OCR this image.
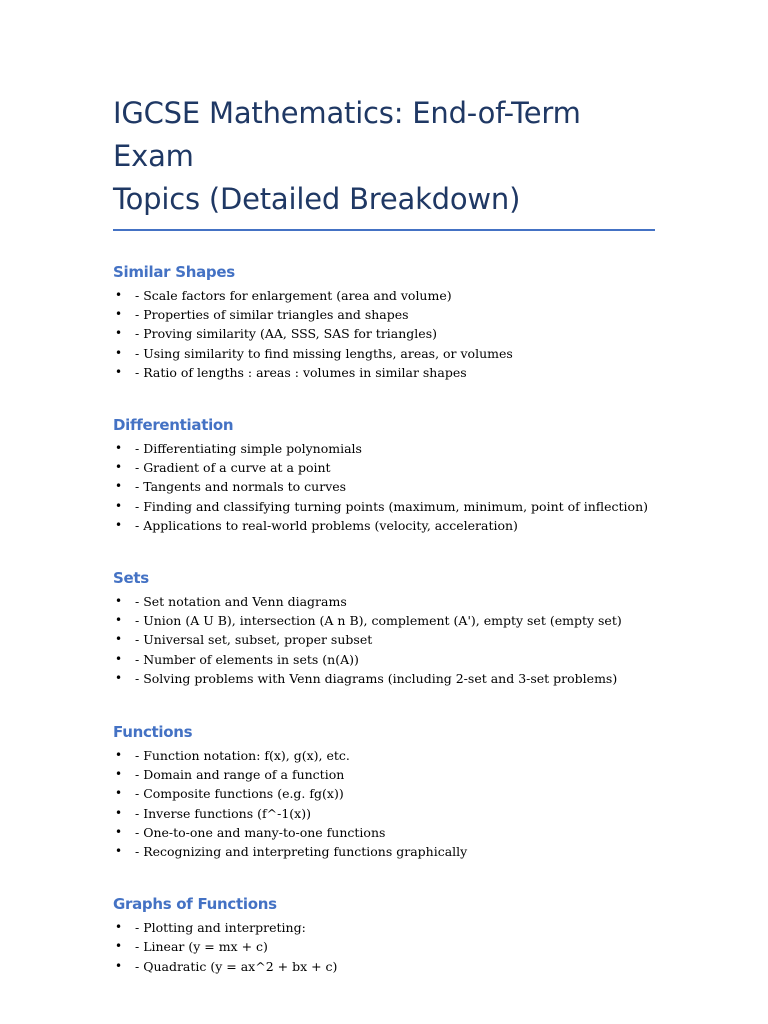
IGCSE Mathematics: End-of-Term Exam
Topics (Detailed Breakdown)
Similar Shapes
• - Scale factors for enlargement (area and volume)
• - Properties of similar triangles and shapes
• - Proving similarity (AA, SSS, SAS for triangles)
• - Using similarity to find missing lengths, areas, or volumes
• - Ratio of lengths : areas : volumes in similar shapes
Differentiation
• - Differentiating simple polynomials
• - Gradient of a curve at a point
• - Tangents and normals to curves
• - Finding and classifying turning points (maximum, minimum, point of inflection)
• - Applications to real-world problems (velocity, acceleration)
Sets
• - Set notation and Venn diagrams
• - Union (A U B), intersection (A n B), complement (A'), empty set (empty set)
• - Universal set, subset, proper subset
• - Number of elements in sets (n(A))
• - Solving problems with Venn diagrams (including 2-set and 3-set problems)
Functions
• - Function notation: f(x), g(x), etc.
• - Domain and range of a function
• - Composite functions (e.g. fg(x))
• - Inverse functions (f^-1(x))
• - One-to-one and many-to-one functions
• - Recognizing and interpreting functions graphically
Graphs of Functions
• - Plotting and interpreting:
• - Linear (y = mx + c)
• - Quadratic (y = ax^2 + bx + c)
